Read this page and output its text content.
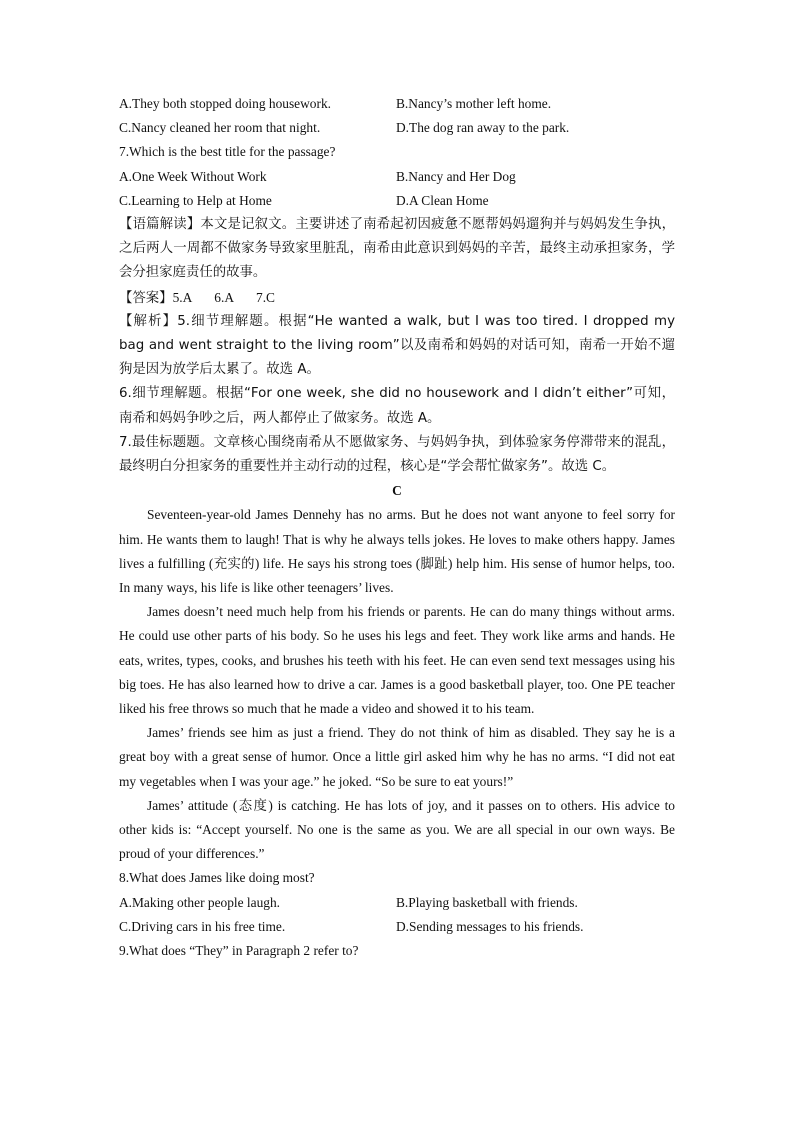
A.They both stopped doing housework.	B.Nancy’s mother left home.
C.Nancy cleaned her room that night.	D.The dog ran away to the park.
7.Which is the best title for the passage?
A.One Week Without Work	B.Nancy and Her Dog
C.Learning to Help at Home	D.A Clean Home

【语篇解读】本文是记叙文。主要讲述了南希起初因疲惫不愿帮妈妈遛狗并与妈妈发生争执，之后两人一周都不做家务导致家里脏乱，南希由此意识到妈妈的辛苦，最终主动承担家务，学会分担家庭责任的故事。

【答案】5.A 6.A 7.C

【解析】5.细节理解题。根据“He wanted a walk, but I was too tired. I dropped my bag and went straight to the living room”以及南希和妈妈的对话可知，南希一开始不遛狗是因为放学后太累了。故选 A。

6.细节理解题。根据“For one week, she did no housework and I didn’t either”可知，南希和妈妈争吵之后，两人都停止了做家务。故选 A。

7.最佳标题题。文章核心围绕南希从不愿做家务、与妈妈争执，到体验家务停滞带来的混乱，最终明白分担家务的重要性并主动行动的过程，核心是“学会帮忙做家务”。故选 C。

C

Seventeen-year-old James Dennehy has no arms. But he does not want anyone to feel sorry for him. He wants them to laugh! That is why he always tells jokes. He loves to make others happy. James lives a fulfilling (充实的) life. He says his strong toes (脚趾) help him. His sense of humor helps, too. In many ways, his life is like other teenagers’ lives.

James doesn’t need much help from his friends or parents. He can do many things without arms. He could use other parts of his body. So he uses his legs and feet. They work like arms and hands. He eats, writes, types, cooks, and brushes his teeth with his feet. He can even send text messages using his big toes. He has also learned how to drive a car. James is a good basketball player, too. One PE teacher liked his free throws so much that he made a video and showed it to his team.

James’ friends see him as just a friend. They do not think of him as disabled. They say he is a great boy with a great sense of humor. Once a little girl asked him why he has no arms. “I did not eat my vegetables when I was your age.” he joked. “So be sure to eat yours!”

James’ attitude (态度) is catching. He has lots of joy, and it passes on to others. His advice to other kids is: “Accept yourself. No one is the same as you. We are all special in our own ways. Be proud of your differences.”

8.What does James like doing most?
A.Making other people laugh.	B.Playing basketball with friends.
C.Driving cars in his free time.	D.Sending messages to his friends.
9.What does “They” in Paragraph 2 refer to?
